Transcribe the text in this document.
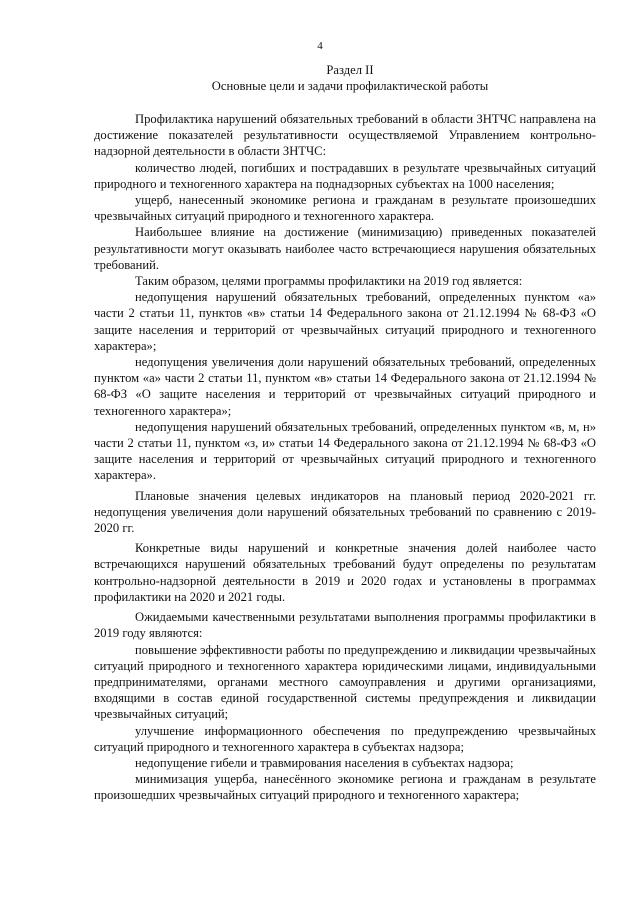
4
Раздел II
Основные цели и задачи профилактической работы

Профилактика нарушений обязательных требований в области ЗНТЧС направлена на достижение показателей результативности осуществляемой Управлением контрольно-надзорной деятельности в области ЗНТЧС:

количество людей, погибших и пострадавших в результате чрезвычайных ситуаций природного и техногенного характера на поднадзорных субъектах на 1000 населения;

ущерб, нанесенный экономике региона и гражданам в результате произошедших чрезвычайных ситуаций природного и техногенного характера.

Наибольшее влияние на достижение (минимизацию) приведенных показателей результативности могут оказывать наиболее часто встречающиеся нарушения обязательных требований.

Таким образом, целями программы профилактики на 2019 год является:

недопущения нарушений обязательных требований, определенных пунктом «а» части 2 статьи 11, пунктов «в» статьи 14 Федерального закона от 21.12.1994 № 68-ФЗ «О защите населения и территорий от чрезвычайных ситуаций природного и техногенного характера»;

недопущения увеличения доли нарушений обязательных требований, определенных пунктом «а» части 2 статьи 11, пунктом «в» статьи 14 Федерального закона от 21.12.1994 № 68-ФЗ «О защите населения и территорий от чрезвычайных ситуаций природного и техногенного характера»;

недопущения нарушений обязательных требований, определенных пунктом «в, м, н» части 2 статьи 11, пунктом «з, и» статьи 14 Федерального закона от 21.12.1994 № 68-ФЗ «О защите населения и территорий от чрезвычайных ситуаций природного и техногенного характера».

Плановые значения целевых индикаторов на плановый период 2020-2021 гг. недопущения увеличения доли нарушений обязательных требований по сравнению с 2019-2020 гг.

Конкретные виды нарушений и конкретные значения долей наиболее часто встречающихся нарушений обязательных требований будут определены по результатам контрольно-надзорной деятельности в 2019 и 2020 годах и установлены в программах профилактики на 2020 и 2021 годы.

Ожидаемыми качественными результатами выполнения программы профилактики в 2019 году являются:

повышение эффективности работы по предупреждению и ликвидации чрезвычайных ситуаций природного и техногенного характера юридическими лицами, индивидуальными предпринимателями, органами местного самоуправления и другими организациями, входящими в состав единой государственной системы предупреждения и ликвидации чрезвычайных ситуаций;

улучшение информационного обеспечения по предупреждению чрезвычайных ситуаций природного и техногенного характера в субъектах надзора;

недопущение гибели и травмирования населения в субъектах надзора;

минимизация ущерба, нанесённого экономике региона и гражданам в результате произошедших чрезвычайных ситуаций природного и техногенного характера;
